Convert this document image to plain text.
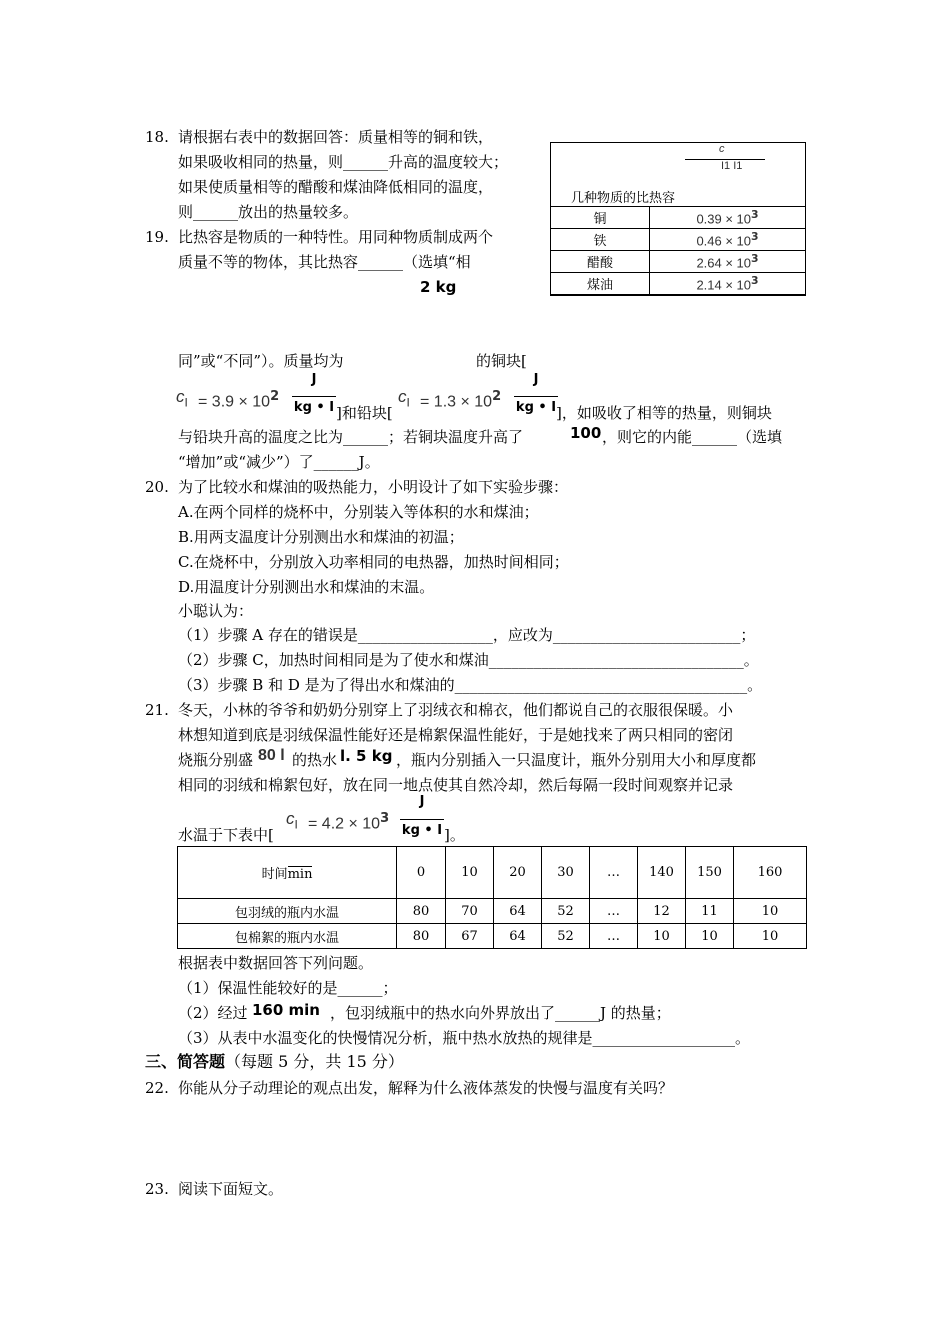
18. 请根据右表中的数据回答：质量相等的铜和铁，
如果吸收相同的热量，则______升高的温度较大；
如果使质量相等的醋酸和煤油降低相同的温度，
则______放出的热量较多。
c
I1 I1
几种物质的比热容
铜	$0.39 \times 10^3$
铁	$0.46 \times 10^3$
醋酸	$2.64 \times 10^3$
煤油	$2.14 \times 10^3$
19. 比热容是物质的一种特性。用同种物质制成两个
质量不等的物体，其比热容______（选填“相
2 kg
同”或“不同”）。质量均为	的铜块[
$c_I = 3.9 \times 10^2$
J
kg • I ]和铅块[
$c_I = 1.3 \times 10^2$
J
kg • I ]，如吸收了相等的热量，则铜块
与铅块升高的温度之比为______；若铜块温度升高了	100 ，则它的内能______（选填
“增加”或“减少”）了______J。
20. 为了比较水和煤油的吸热能力，小明设计了如下实验步骤：
A.在两个同样的烧杯中，分别装入等体积的水和煤油；
B.用两支温度计分别测出水和煤油的初温；
C.在烧杯中，分别放入功率相同的电热器，加热时间相同；
D.用温度计分别测出水和煤油的末温。
小聪认为：
（1）步骤 A 存在的错误是__________________，应改为_________________________；
（2）步骤 C，加热时间相同是为了使水和煤油__________________________________。
（3）步骤 B 和 D 是为了得出水和煤油的_______________________________________。
21. 冬天，小林的爷爷和奶奶分别穿上了羽绒衣和棉衣，他们都说自己的衣服很保暖。小
林想知道到底是羽绒保温性能好还是棉絮保温性能好，于是她找来了两只相同的密闭
烧瓶分别盛 80 l 的热水 l. 5 kg ，瓶内分别插入一只温度计，瓶外分别用大小和厚度都
相同的羽绒和棉絮包好，放在同一地点使其自然冷却，然后每隔一段时间观察并记录
水温于下表中[
$c_I = 4.2 \times 10^3$
J
kg • I ]。
时间min	0	10	20	30	…	140	150	160
包羽绒的瓶内水温	80	70	64	52	…	12	11	10
包棉絮的瓶内水温	80	67	64	52	…	10	10	10
根据表中数据回答下列问题。
（1）保温性能较好的是______；
（2）经过 160 min ，包羽绒瓶中的热水向外界放出了______J 的热量；
（3）从表中水温变化的快慢情况分析，瓶中热水放热的规律是___________________。
三、简答题（每题 5 分，共 15 分）
22. 你能从分子动理论的观点出发，解释为什么液体蒸发的快慢与温度有关吗？
23. 阅读下面短文。
